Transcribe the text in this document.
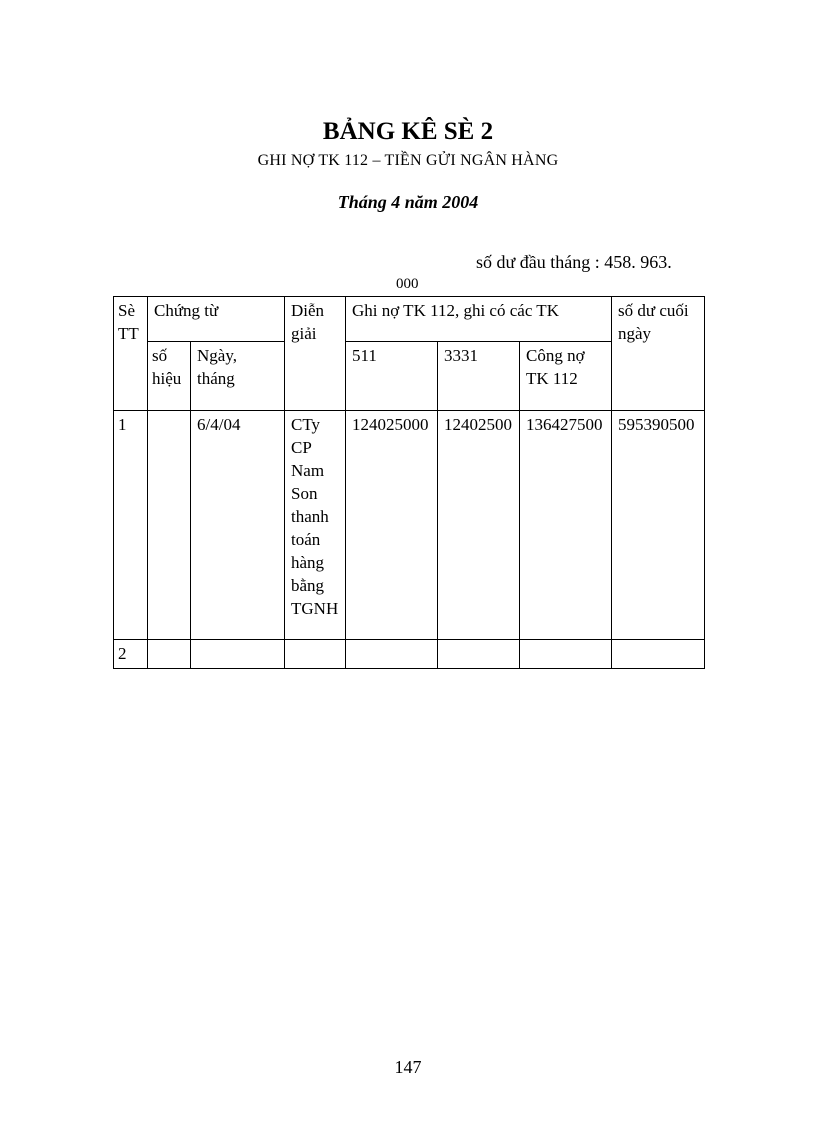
BẢNG KÊ SÈ 2
GHI NỢ TK 112 – TIỀN GỬI NGÂN HÀNG
Tháng 4 năm 2004
số dư đầu tháng : 458. 963.
000
Sè TT	Chứng từ		Diễn giải	Ghi nợ TK 112, ghi có các TK			số dư cuối ngày
	số hiệu	Ngày, tháng		511	3331	Công nợ TK 112	
1		6/4/04	CTy CP Nam Son thanh toán hàng bằng TGNH	124025000	12402500	136427500	595390500
2							
147
